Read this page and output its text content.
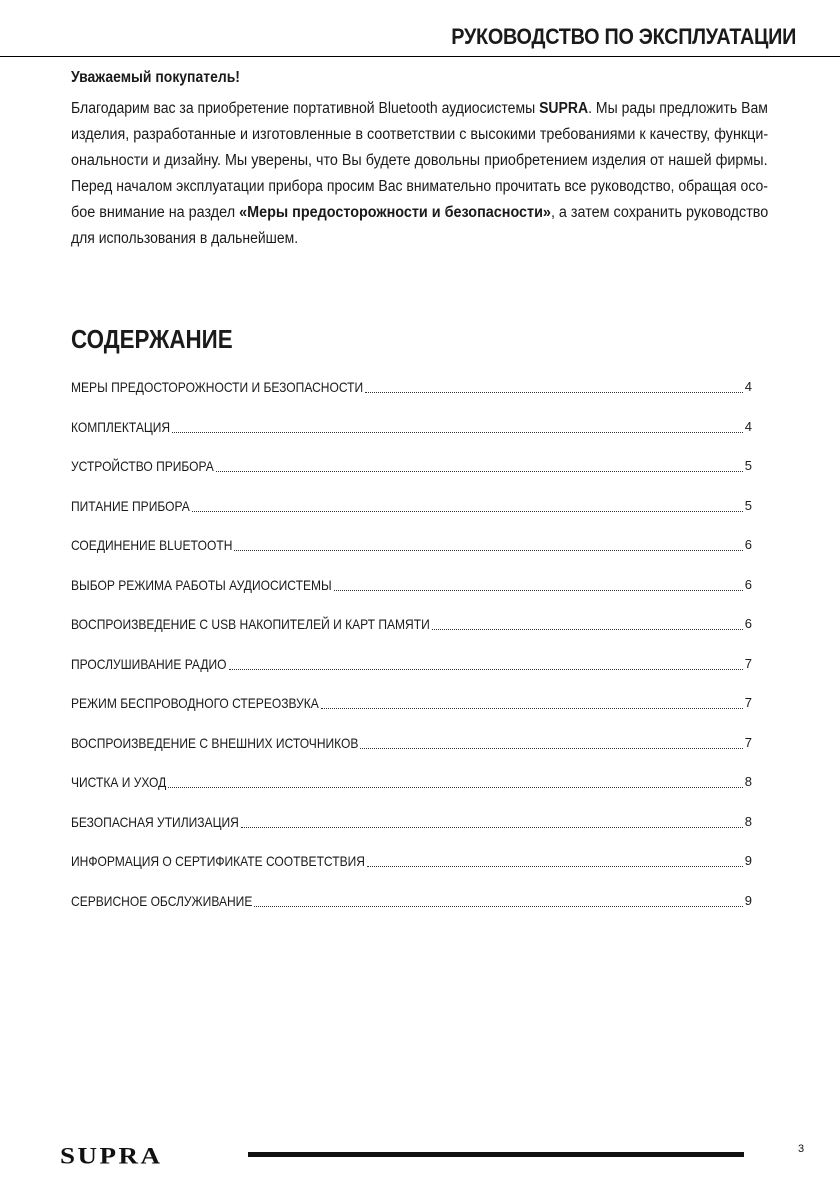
РУКОВОДСТВО ПО ЭКСПЛУАТАЦИИ
Уважаемый покупатель!
Благодарим вас за приобретение портативной Bluetooth аудиосистемы SUPRA. Мы рады предложить Вам
изделия, разработанные и изготовленные в соответствии с высокими требованиями к качеству, функци-
ональности и дизайну. Мы уверены, что Вы будете довольны приобретением изделия от нашей фирмы.
Перед началом эксплуатации прибора просим Вас внимательно прочитать все руководство, обращая осо-
бое внимание на раздел «Меры предосторожности и безопасности», а затем сохранить руководство
для использования в дальнейшем.
СОДЕРЖАНИЕ
МЕРЫ ПРЕДОСТОРОЖНОСТИ И БЕЗОПАСНОСТИ	4
КОМПЛЕКТАЦИЯ	4
УСТРОЙСТВО ПРИБОРА	5
ПИТАНИЕ ПРИБОРА	5
СОЕДИНЕНИЕ BLUETOOTH	6
ВЫБОР РЕЖИМА РАБОТЫ АУДИОСИСТЕМЫ	6
ВОСПРОИЗВЕДЕНИЕ С USB НАКОПИТЕЛЕЙ И КАРТ ПАМЯТИ	6
ПРОСЛУШИВАНИЕ РАДИО	7
РЕЖИМ БЕСПРОВОДНОГО СТЕРЕОЗВУКА	7
ВОСПРОИЗВЕДЕНИЕ С ВНЕШНИХ ИСТОЧНИКОВ	7
ЧИСТКА И УХОД	8
БЕЗОПАСНАЯ УТИЛИЗАЦИЯ	8
ИНФОРМАЦИЯ О СЕРТИФИКАТЕ СООТВЕТСТВИЯ	9
СЕРВИСНОЕ ОБСЛУЖИВАНИЕ	9
SUPRA	3
